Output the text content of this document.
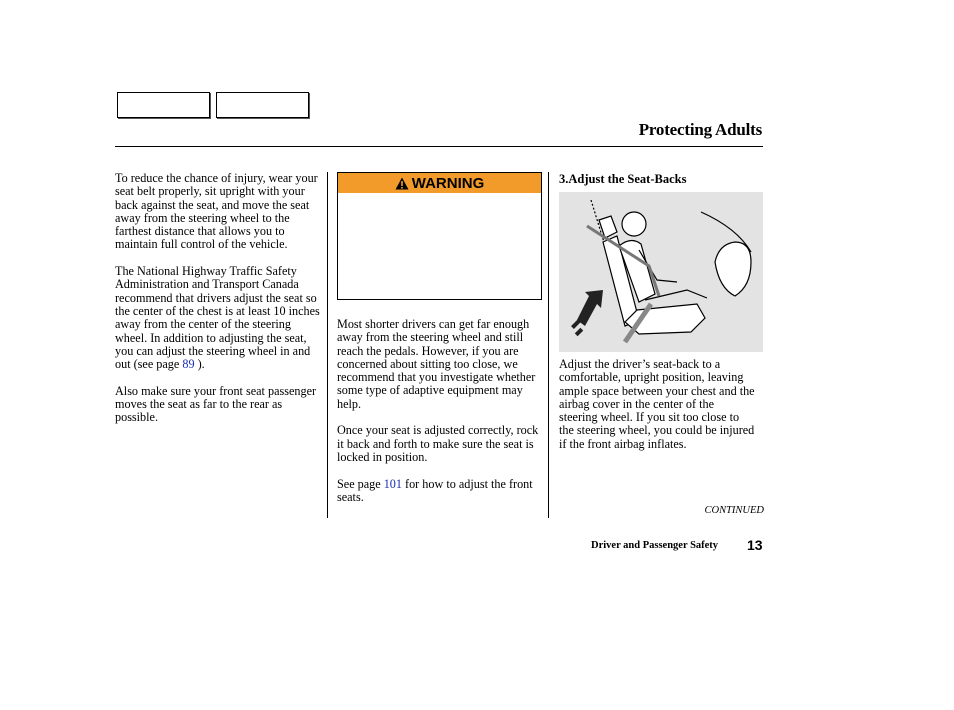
Protecting Adults

To reduce the chance of injury, wear your seat belt properly, sit upright with your back against the seat, and move the seat away from the steering wheel to the farthest distance that allows you to maintain full control of the vehicle.

The National Highway Traffic Safety Administration and Transport Canada recommend that drivers adjust the seat so the center of the chest is at least 10 inches away from the center of the steering wheel. In addition to adjusting the seat, you can adjust the steering wheel in and out (see page 89 ).

Also make sure your front seat passenger moves the seat as far to the rear as possible.

WARNING

Most shorter drivers can get far enough away from the steering wheel and still reach the pedals. However, if you are concerned about sitting too close, we recommend that you investigate whether some type of adaptive equipment may help.

Once your seat is adjusted correctly, rock it back and forth to make sure the seat is locked in position.

See page 101 for how to adjust the front seats.

3.Adjust the Seat-Backs

Adjust the driver’s seat-back to a comfortable, upright position, leaving ample space between your chest and the airbag cover in the center of the steering wheel. If you sit too close to the steering wheel, you could be injured if the front airbag inflates.

CONTINUED
Driver and Passenger Safety 13
